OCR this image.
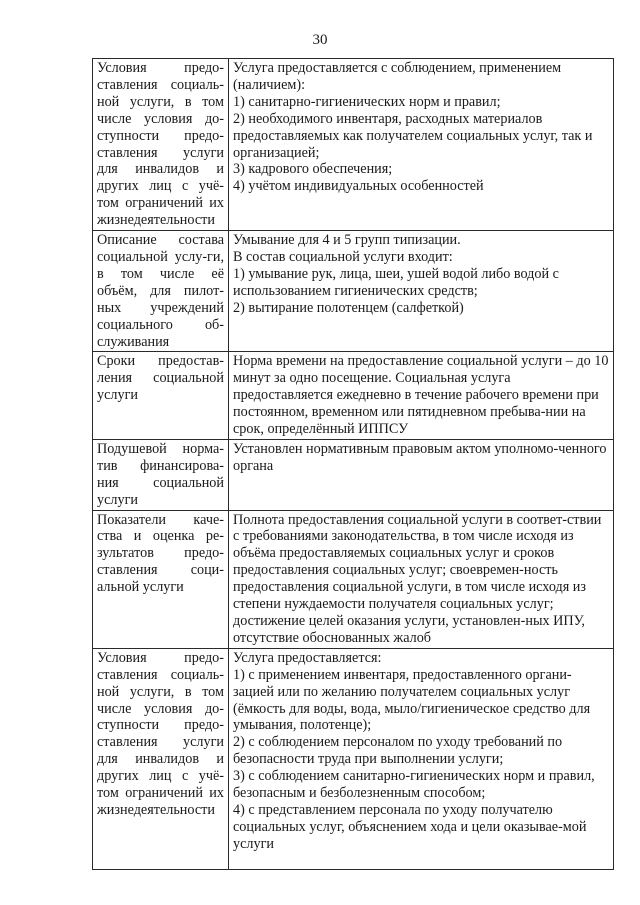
30
Условия предо-ставления социаль-ной услуги, в том числе условия до-ступности предо-ставления услуги для инвалидов и других лиц с учё-том ограничений их жизнедеятельности	Услуга предоставляется с соблюдением, применением (наличием):
1) санитарно-гигиенических норм и правил;
2) необходимого инвентаря, расходных материалов предоставляемых как получателем социальных услуг, так и организацией;
3) кадрового обеспечения;
4) учётом индивидуальных особенностей

Описание состава социальной услу-ги, в том числе её объём, для пилот-ных учреждений социального об-служивания	Умывание для 4 и 5 групп типизации.
В состав социальной услуги входит:
1) умывание рук, лица, шеи, ушей водой либо водой с использованием гигиенических средств;
2) вытирание полотенцем (салфеткой)

Сроки предостав-ления социальной услуги	Норма времени на предоставление социальной услуги – до 10 минут за одно посещение. Социальная услуга предоставляется ежедневно в течение рабочего времени при постоянном, временном или пятидневном пребыва-нии на срок, определённый ИППСУ

Подушевой норма-тив финансирова-ния социальной услуги	Установлен нормативным правовым актом уполномо-ченного органа

Показатели каче-ства и оценка ре-зультатов предо-ставления соци-альной услуги	Полнота предоставления социальной услуги в соответ-ствии с требованиями законодательства, в том числе исходя из объёма предоставляемых социальных услуг и сроков предоставления социальных услуг; своевремен-ность предоставления социальной услуги, в том числе исходя из степени нуждаемости получателя социальных услуг; достижение целей оказания услуги, установлен-ных ИПУ, отсутствие обоснованных жалоб

Условия предо-ставления социаль-ной услуги, в том числе условия до-ступности предо-ставления услуги для инвалидов и других лиц с учё-том ограничений их жизнедеятельности	Услуга предоставляется:
1) с применением инвентаря, предоставленного органи-зацией или по желанию получателем социальных услуг (ёмкость для воды, вода, мыло/гигиеническое средство для умывания, полотенце);
2) с соблюдением персоналом по уходу требований по безопасности труда при выполнении услуги;
3) с соблюдением санитарно-гигиенических норм и правил, безопасным и безболезненным способом;
4) с представлением персонала по уходу получателю социальных услуг, объяснением хода и цели оказывае-мой услуги
